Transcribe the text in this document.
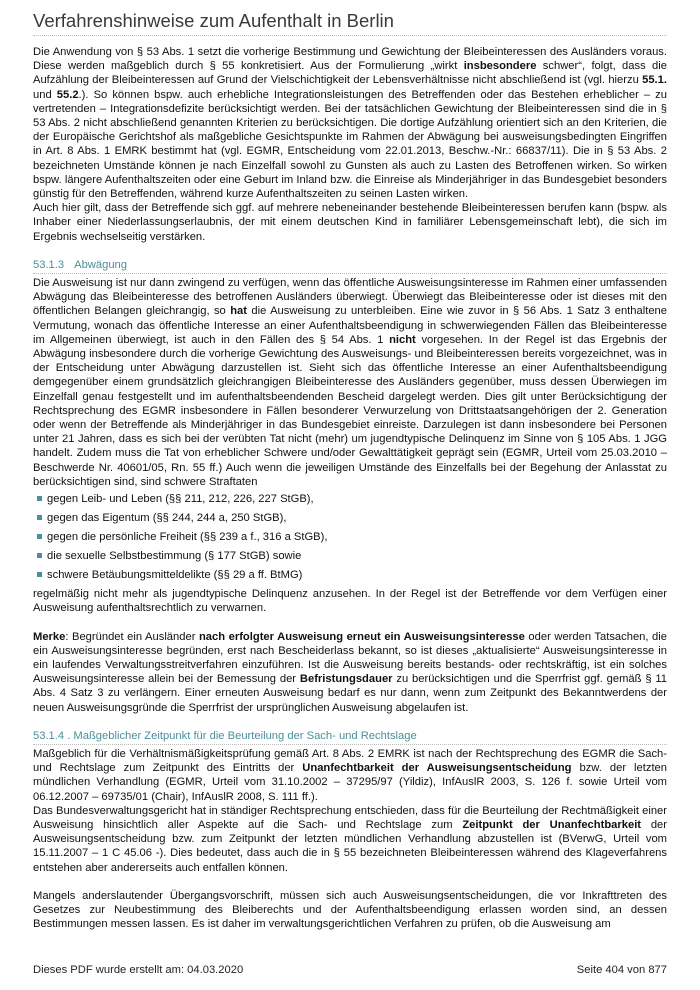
Verfahrenshinweise zum Aufenthalt in Berlin

Die Anwendung von § 53 Abs. 1 setzt die vorherige Bestimmung und Gewichtung der Bleibeinteressen des Ausländers voraus. Diese werden maßgeblich durch § 55 konkretisiert. Aus der Formulierung „wirkt insbesondere schwer“, folgt, dass die Aufzählung der Bleibeinteressen auf Grund der Vielschichtigkeit der Lebensverhältnisse nicht abschließend ist (vgl. hierzu 55.1. und 55.2.). So können bspw. auch erhebliche Integrationsleistungen des Betreffenden oder das Bestehen erheblicher – zu vertretenden – Integrationsdefizite berücksichtigt werden. Bei der tatsächlichen Gewichtung der Bleibeinteressen sind die in § 53 Abs. 2 nicht abschließend genannten Kriterien zu berücksichtigen. Die dortige Aufzählung orientiert sich an den Kriterien, die der Europäische Gerichtshof als maßgebliche Gesichtspunkte im Rahmen der Abwägung bei ausweisungsbedingten Eingriffen in Art. 8 Abs. 1 EMRK bestimmt hat (vgl. EGMR, Entscheidung vom 22.01.2013, Beschw.-Nr.: 66837/11). Die in § 53 Abs. 2 bezeichneten Umstände können je nach Einzelfall sowohl zu Gunsten als auch zu Lasten des Betroffenen wirken. So wirken bspw. längere Aufenthaltszeiten oder eine Geburt im Inland bzw. die Einreise als Minderjähriger in das Bundesgebiet besonders günstig für den Betreffenden, während kurze Aufenthaltszeiten zu seinen Lasten wirken.

Auch hier gilt, dass der Betreffende sich ggf. auf mehrere nebeneinander bestehende Bleibeinteressen berufen kann (bspw. als Inhaber einer Niederlassungserlaubnis, der mit einem deutschen Kind in familiärer Lebensgemeinschaft lebt), die sich im Ergebnis wechselseitig verstärken.

53.1.3 Abwägung

Die Ausweisung ist nur dann zwingend zu verfügen, wenn das öffentliche Ausweisungsinteresse im Rahmen einer umfassenden Abwägung das Bleibeinteresse des betroffenen Ausländers überwiegt. Überwiegt das Bleibeinteresse oder ist dieses mit den öffentlichen Belangen gleichrangig, so hat die Ausweisung zu unterbleiben. Eine wie zuvor in § 56 Abs. 1 Satz 3 enthaltene Vermutung, wonach das öffentliche Interesse an einer Aufenthaltsbeendigung in schwerwiegenden Fällen das Bleibeinteresse im Allgemeinen überwiegt, ist auch in den Fällen des § 54 Abs. 1 nicht vorgesehen. In der Regel ist das Ergebnis der Abwägung insbesondere durch die vorherige Gewichtung des Ausweisungs- und Bleibeinteressen bereits vorgezeichnet, was in der Entscheidung unter Abwägung darzustellen ist. Sieht sich das öffentliche Interesse an einer Aufenthaltsbeendigung demgegenüber einem grundsätzlich gleichrangigen Bleibeinteresse des Ausländers gegenüber, muss dessen Überwiegen im Einzelfall genau festgestellt und im aufenthaltsbeendenden Bescheid dargelegt werden. Dies gilt unter Berücksichtigung der Rechtsprechung des EGMR insbesondere in Fällen besonderer Verwurzelung von Drittstaatsangehörigen der 2. Generation oder wenn der Betreffende als Minderjähriger in das Bundesgebiet einreiste. Darzulegen ist dann insbesondere bei Personen unter 21 Jahren, dass es sich bei der verübten Tat nicht (mehr) um jugendtypische Delinquenz im Sinne von § 105 Abs. 1 JGG handelt. Zudem muss die Tat von erheblicher Schwere und/oder Gewalttätigkeit geprägt sein (EGMR, Urteil vom 25.03.2010 – Beschwerde Nr. 40601/05, Rn. 55 ff.) Auch wenn die jeweiligen Umstände des Einzelfalls bei der Begehung der Anlasstat zu berücksichtigen sind, sind schwere Straftaten

gegen Leib- und Leben (§§ 211, 212, 226, 227 StGB),
gegen das Eigentum (§§ 244, 244 a, 250 StGB),
gegen die persönliche Freiheit (§§ 239 a f., 316 a StGB),
die sexuelle Selbstbestimmung (§ 177 StGB) sowie
schwere Betäubungsmitteldelikte (§§ 29 a ff. BtMG)

regelmäßig nicht mehr als jugendtypische Delinquenz anzusehen. In der Regel ist der Betreffende vor dem Verfügen einer Ausweisung aufenthaltsrechtlich zu verwarnen.

Merke: Begründet ein Ausländer nach erfolgter Ausweisung erneut ein Ausweisungsinteresse oder werden Tatsachen, die ein Ausweisungsinteresse begründen, erst nach Bescheiderlass bekannt, so ist dieses „aktualisierte“ Ausweisungsinteresse in ein laufendes Verwaltungsstreitverfahren einzuführen. Ist die Ausweisung bereits bestands- oder rechtskräftig, ist ein solches Ausweisungsinteresse allein bei der Bemessung der Befristungsdauer zu berücksichtigen und die Sperrfrist ggf. gemäß § 11 Abs. 4 Satz 3 zu verlängern. Einer erneuten Ausweisung bedarf es nur dann, wenn zum Zeitpunkt des Bekanntwerdens der neuen Ausweisungsgründe die Sperrfrist der ursprünglichen Ausweisung abgelaufen ist.

53.1.4 . Maßgeblicher Zeitpunkt für die Beurteilung der Sach- und Rechtslage

Maßgeblich für die Verhältnismäßigkeitsprüfung gemäß Art. 8 Abs. 2 EMRK ist nach der Rechtsprechung des EGMR die Sach- und Rechtslage zum Zeitpunkt des Eintritts der Unanfechtbarkeit der Ausweisungsentscheidung bzw. der letzten mündlichen Verhandlung (EGMR, Urteil vom 31.10.2002 – 37295/97 (Yildiz), InfAuslR 2003, S. 126 f. sowie Urteil vom 06.12.2007 – 69735/01 (Chair), InfAuslR 2008, S. 111 ff.).

Das Bundesverwaltungsgericht hat in ständiger Rechtsprechung entschieden, dass für die Beurteilung der Rechtmäßigkeit einer Ausweisung hinsichtlich aller Aspekte auf die Sach- und Rechtslage zum Zeitpunkt der Unanfechtbarkeit der Ausweisungsentscheidung bzw. zum Zeitpunkt der letzten mündlichen Verhandlung abzustellen ist (BVerwG, Urteil vom 15.11.2007 – 1 C 45.06 -). Dies bedeutet, dass auch die in § 55 bezeichneten Bleibeinteressen während des Klageverfahrens entstehen aber andererseits auch entfallen können.

Mangels anderslautender Übergangsvorschrift, müssen sich auch Ausweisungsentscheidungen, die vor Inkrafttreten des Gesetzes zur Neubestimmung des Bleiberechts und der Aufenthaltsbeendigung erlassen worden sind, an dessen Bestimmungen messen lassen. Es ist daher im verwaltungsgerichtlichen Verfahren zu prüfen, ob die Ausweisung am

Dieses PDF wurde erstellt am: 04.03.2020	Seite 404 von 877
